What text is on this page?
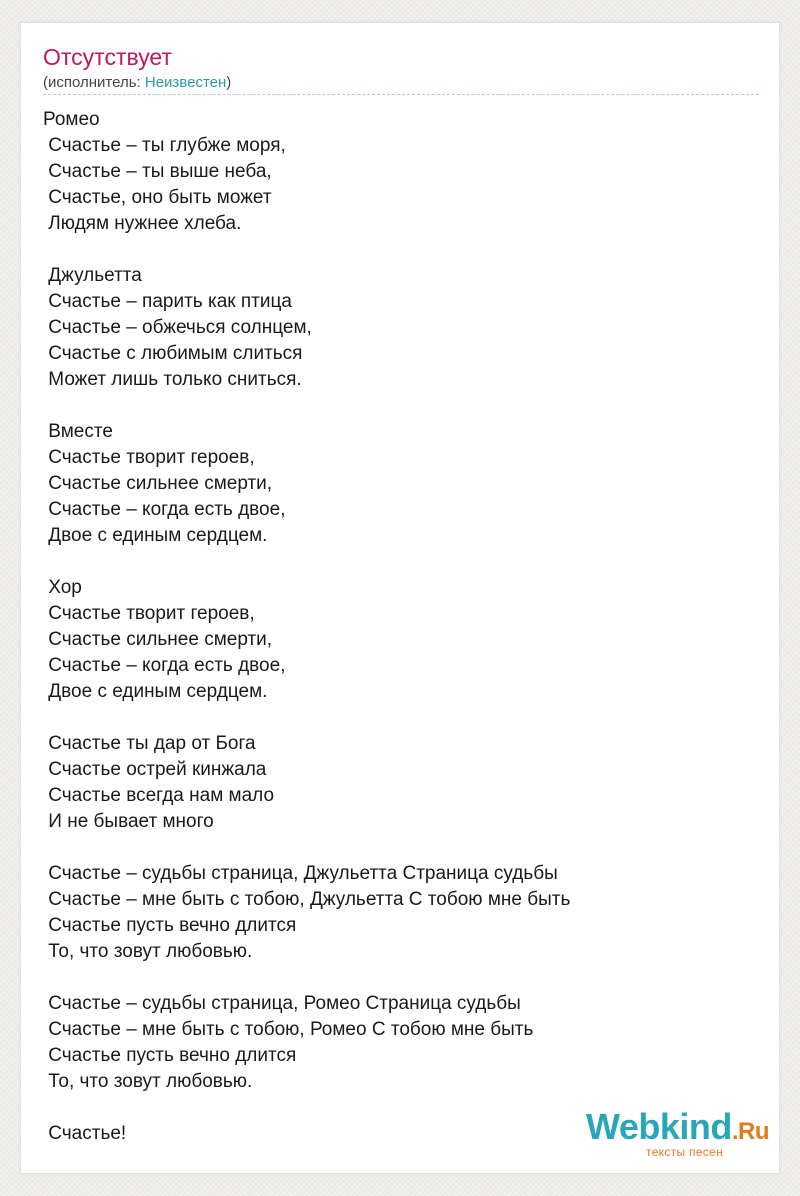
Отсутствует
(исполнитель: Неизвестен)
Ромео
Счастье – ты глубже моря,
Счастье – ты выше неба,
Счастье, оно быть может
Людям нужнее хлеба.
Джульетта
Счастье – парить как птица
Счастье – обжечься солнцем,
Счастье с любимым слиться
Может лишь только сниться.
Вместе
Счастье творит героев,
Счастье сильнее смерти,
Счастье – когда есть двое,
Двое с единым сердцем.
Хор
Счастье творит героев,
Счастье сильнее смерти,
Счастье – когда есть двое,
Двое с единым сердцем.
Счастье ты дар от Бога
Счастье острей кинжала
Счастье всегда нам мало
И не бывает много
Счастье – судьбы страница, Джульетта Страница судьбы
Счастье – мне быть с тобою, Джульетта С тобою мне быть
Счастье пусть вечно длится
То, что зовут любовью.
Счастье – судьбы страница, Ромео Страница судьбы
Счастье – мне быть с тобою, Ромео С тобою мне быть
Счастье пусть вечно длится
То, что зовут любовью.
Счастье!	Webkind.Ru
тексты песен
